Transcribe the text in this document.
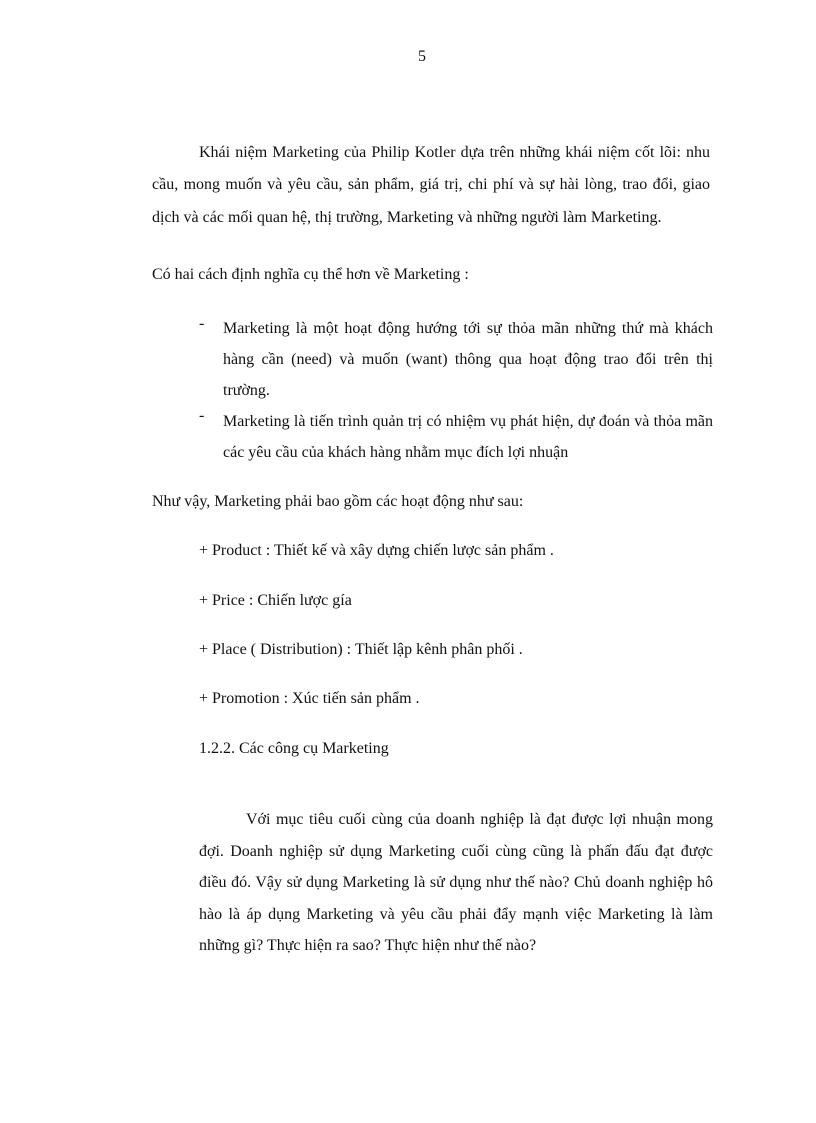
5

Khái niệm Marketing của Philip Kotler dựa trên những khái niệm cốt lõi: nhu cầu, mong muốn và yêu cầu, sản phẩm, giá trị, chi phí và sự hài lòng, trao đổi, giao dịch và các mối quan hệ, thị trường, Marketing và những người làm Marketing.

Có hai cách định nghĩa cụ thể hơn về Marketing :
- Marketing là một hoạt động hướng tới sự thỏa mãn những thứ mà khách hàng cần (need) và muốn (want) thông qua hoạt động trao đổi trên thị trường.
- Marketing là tiến trình quản trị có nhiệm vụ phát hiện, dự đoán và thỏa mãn các yêu cầu của khách hàng nhằm mục đích lợi nhuận
Như vậy, Marketing phải bao gồm các hoạt động như sau:
+ Product : Thiết kế và xây dựng chiến lược sản phẩm .
+ Price : Chiến lược gía
+ Place ( Distribution) : Thiết lập kênh phân phối .
+ Promotion : Xúc tiến sản phẩm .
1.2.2. Các công cụ Marketing

Với mục tiêu cuối cùng của doanh nghiệp là đạt được lợi nhuận mong đợi. Doanh nghiệp sử dụng Marketing cuối cùng cũng là phấn đấu đạt được điều đó. Vậy sử dụng Marketing là sử dụng như thế nào? Chủ doanh nghiệp hô hào là áp dụng Marketing và yêu cầu phải đẩy mạnh việc Marketing là làm những gì? Thực hiện ra sao? Thực hiện như thế nào?
